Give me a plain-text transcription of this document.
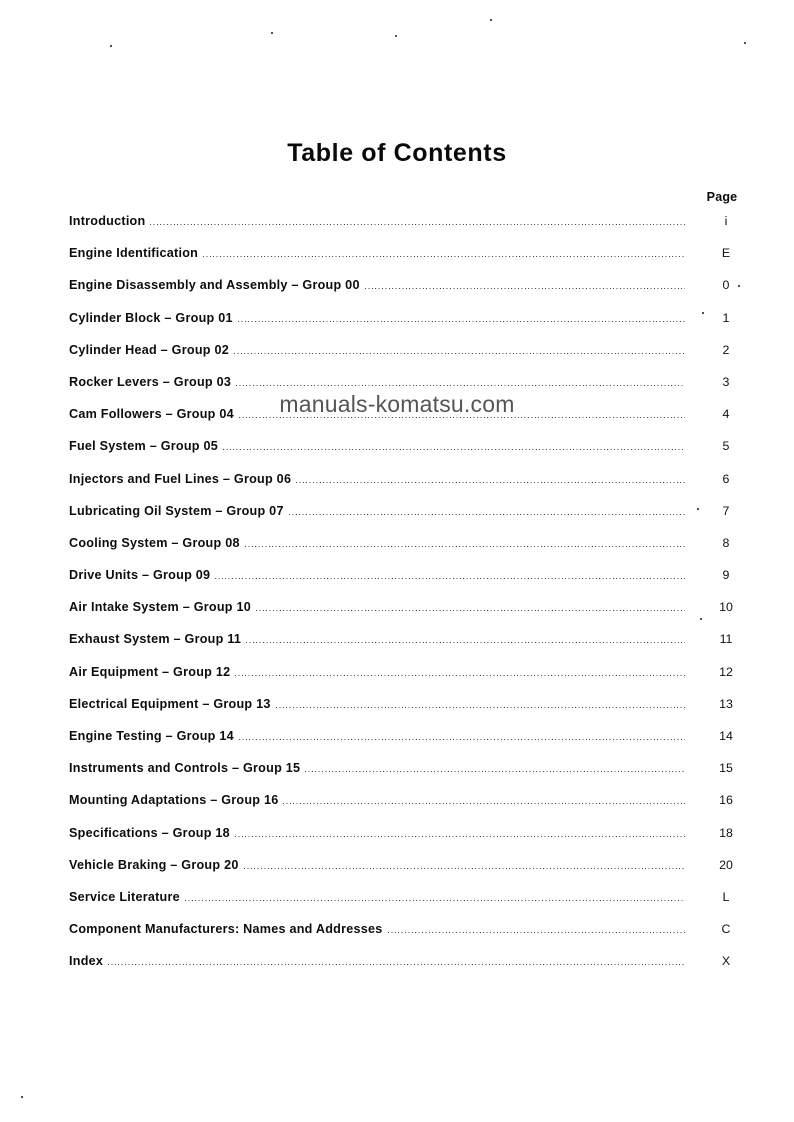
Table of Contents
Page
Introduction	i
Engine Identification	E
Engine Disassembly and Assembly – Group 00	0
Cylinder Block – Group 01	1
Cylinder Head – Group 02	2
Rocker Levers – Group 03	3
Cam Followers – Group 04	4
Fuel System – Group 05	5
Injectors and Fuel Lines – Group 06	6
Lubricating Oil System – Group 07	7
Cooling System – Group 08	8
Drive Units – Group 09	9
Air Intake System – Group 10	10
Exhaust System – Group 11	11
Air Equipment – Group 12	12
Electrical Equipment – Group 13	13
Engine Testing – Group 14	14
Instruments and Controls – Group 15	15
Mounting Adaptations – Group 16	16
Specifications – Group 18	18
Vehicle Braking – Group 20	20
Service Literature	L
Component Manufacturers: Names and Addresses	C
Index	X
manuals-komatsu.com
